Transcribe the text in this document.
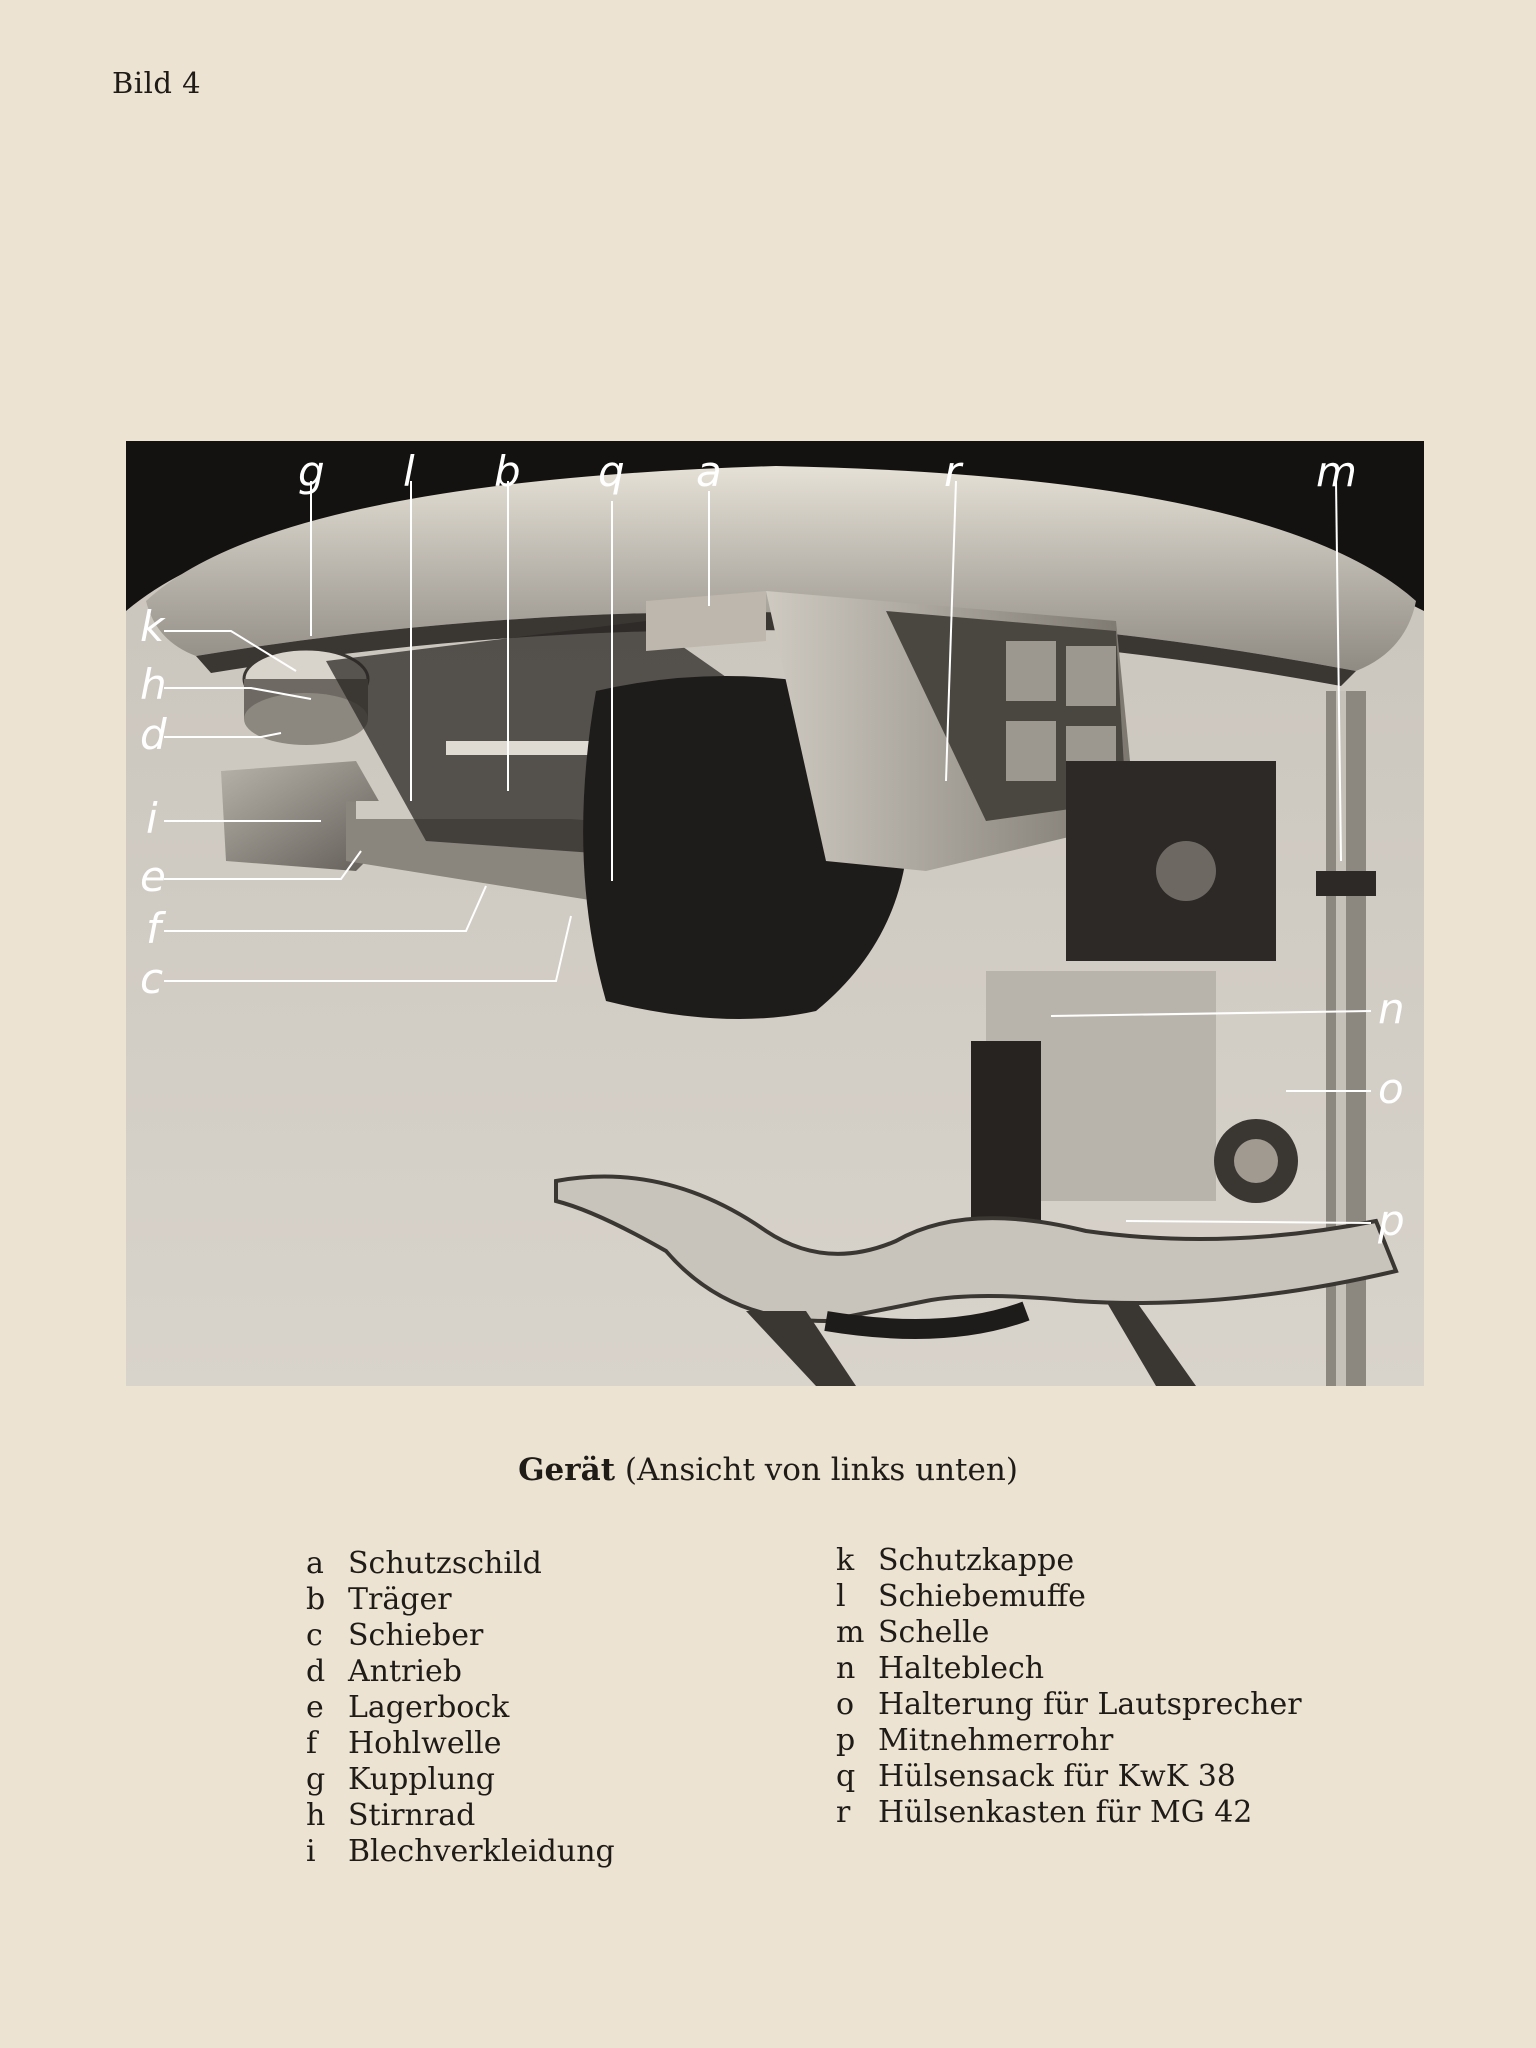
Bild 4
g l b q a	r	m
k
h
d
i
e
f
c
n
o
p
Gerät (Ansicht von links unten)
a Schutzschild
b Träger
c Schieber
d Antrieb
e Lagerbock
f	Hohlwelle
g Kupplung
h Stirnrad
i	Blechverkleidung
k Schutzkappe
l	Schiebemuffe
m Schelle
n Halteblech
o Halterung für Lautsprecher
p Mitnehmerrohr
q Hülsensack für KwK 38
r Hülsenkasten für MG 42
